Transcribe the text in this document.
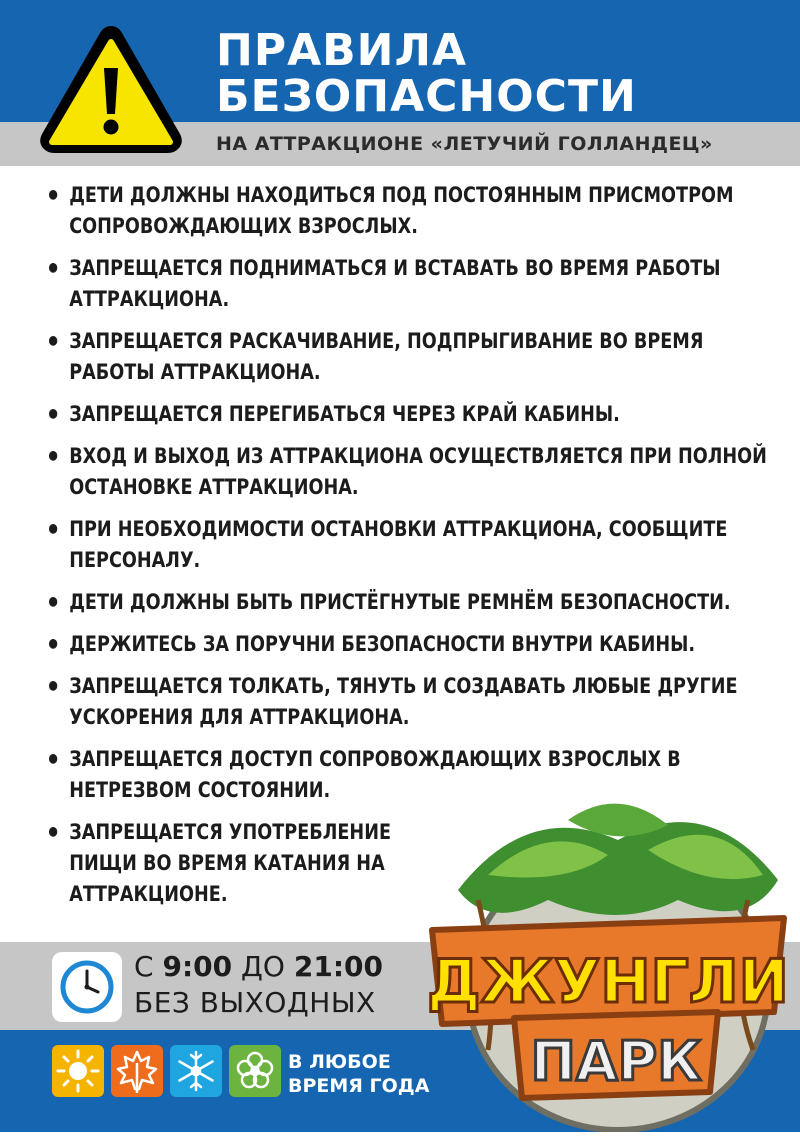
ПРАВИЛА
БЕЗОПАСНОСТИ
НА АТТРАКЦИОНЕ «ЛЕТУЧИЙ ГОЛЛАНДЕЦ»
• ДЕТИ ДОЛЖНЫ НАХОДИТЬСЯ ПОД ПОСТОЯННЫМ ПРИСМОТРОМ СОПРОВОЖДАЮЩИХ ВЗРОСЛЫХ.
• ЗАПРЕЩАЕТСЯ ПОДНИМАТЬСЯ И ВСТАВАТЬ ВО ВРЕМЯ РАБОТЫ АТТРАКЦИОНА.
• ЗАПРЕЩАЕТСЯ РАСКАЧИВАНИЕ, ПОДПРЫГИВАНИЕ ВО ВРЕМЯ РАБОТЫ АТТРАКЦИОНА.
• ЗАПРЕЩАЕТСЯ ПЕРЕГИБАТЬСЯ ЧЕРЕЗ КРАЙ КАБИНЫ.
• ВХОД И ВЫХОД ИЗ АТТРАКЦИОНА ОСУЩЕСТВЛЯЕТСЯ ПРИ ПОЛНОЙ ОСТАНОВКЕ АТТРАКЦИОНА.
• ПРИ НЕОБХОДИМОСТИ ОСТАНОВКИ АТТРАКЦИОНА, СООБЩИТЕ ПЕРСОНАЛУ.
• ДЕТИ ДОЛЖНЫ БЫТЬ ПРИСТЁГНУТЫЕ РЕМНЁМ БЕЗОПАСНОСТИ.
• ДЕРЖИТЕСЬ ЗА ПОРУЧНИ БЕЗОПАСНОСТИ ВНУТРИ КАБИНЫ.
• ЗАПРЕЩАЕТСЯ ТОЛКАТЬ, ТЯНУТЬ И СОЗДАВАТЬ ЛЮБЫЕ ДРУГИЕ УСКОРЕНИЯ ДЛЯ АТТРАКЦИОНА.
• ЗАПРЕЩАЕТСЯ ДОСТУП СОПРОВОЖДАЮЩИХ ВЗРОСЛЫХ В НЕТРЕЗВОМ СОСТОЯНИИ.
• ЗАПРЕЩАЕТСЯ УПОТРЕБЛЕНИЕ ПИЩИ ВО ВРЕМЯ КАТАНИЯ НА АТТРАКЦИОНЕ.
С 9:00 ДО 21:00
БЕЗ ВЫХОДНЫХ
В ЛЮБОЕ
ВРЕМЯ ГОДА
ДЖУНГЛИ
ПАРК
